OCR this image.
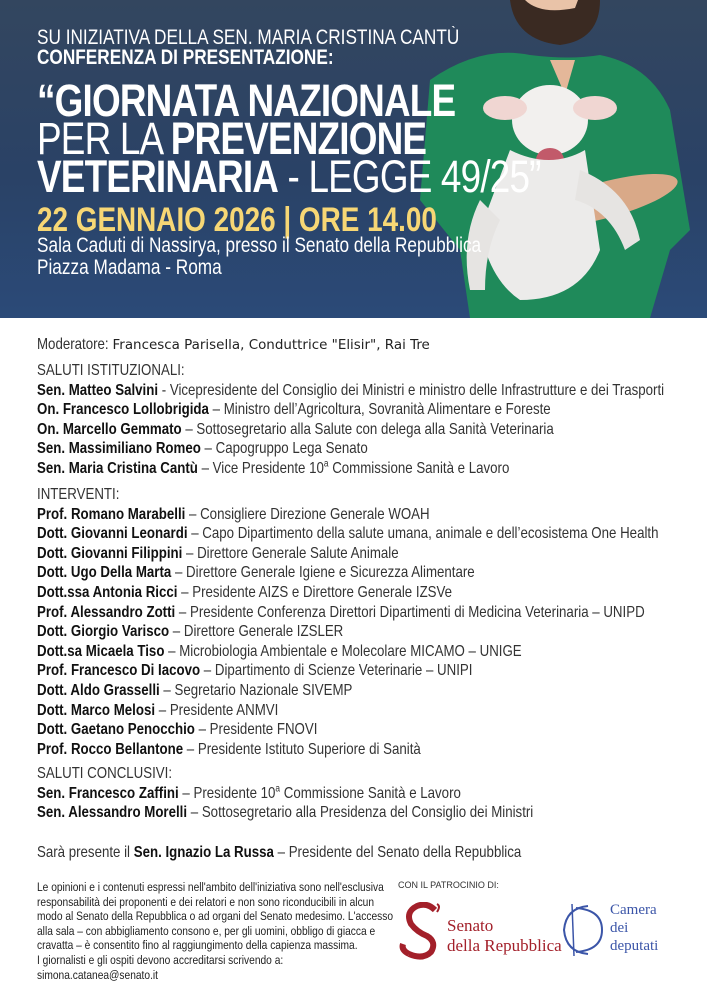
SU INIZIATIVA DELLA SEN. MARIA CRISTINA CANTÙ
CONFERENZA DI PRESENTAZIONE:
“GIORNATA NAZIONALE
PER LA PREVENZIONE
VETERINARIA - LEGGE 49/25”
22 GENNAIO 2026 | ORE 14.00
Sala Caduti di Nassirya, presso il Senato della Repubblica
Piazza Madama - Roma
Moderatore: Francesca Parisella, Conduttrice "Elisir", Rai Tre
SALUTI ISTITUZIONALI:
Sen. Matteo Salvini - Vicepresidente del Consiglio dei Ministri e ministro delle Infrastrutture e dei Trasporti
On. Francesco Lollobrigida – Ministro dell’Agricoltura, Sovranità Alimentare e Foreste
On. Marcello Gemmato – Sottosegretario alla Salute con delega alla Sanità Veterinaria
Sen. Massimiliano Romeo – Capogruppo Lega Senato
Sen. Maria Cristina Cantù – Vice Presidente 10$^a$ Commissione Sanità e Lavoro
INTERVENTI:
Prof. Romano Marabelli – Consigliere Direzione Generale WOAH
Dott. Giovanni Leonardi – Capo Dipartimento della salute umana, animale e dell’ecosistema One Health
Dott. Giovanni Filippini – Direttore Generale Salute Animale
Dott. Ugo Della Marta – Direttore Generale Igiene e Sicurezza Alimentare
Dott.ssa Antonia Ricci – Presidente AIZS e Direttore Generale IZSVe
Prof. Alessandro Zotti – Presidente Conferenza Direttori Dipartimenti di Medicina Veterinaria – UNIPD
Dott. Giorgio Varisco – Direttore Generale IZSLER
Dott.sa Micaela Tiso – Microbiologia Ambientale e Molecolare MICAMO – UNIGE
Prof. Francesco Di Iacovo – Dipartimento di Scienze Veterinarie – UNIPI
Dott. Aldo Grasselli – Segretario Nazionale SIVEMP
Dott. Marco Melosi – Presidente ANMVI
Dott. Gaetano Penocchio – Presidente FNOVI
Prof. Rocco Bellantone – Presidente Istituto Superiore di Sanità
SALUTI CONCLUSIVI:
Sen. Francesco Zaffini – Presidente 10$^a$ Commissione Sanità e Lavoro
Sen. Alessandro Morelli – Sottosegretario alla Presidenza del Consiglio dei Ministri
Sarà presente il Sen. Ignazio La Russa – Presidente del Senato della Repubblica
Le opinioni e i contenuti espressi nell'ambito dell'iniziativa sono nell'esclusiva
responsabilità dei proponenti e dei relatori e non sono riconducibili in alcun
modo al Senato della Repubblica o ad organi del Senato medesimo. L'accesso
alla sala – con abbigliamento consono e, per gli uomini, obbligo di giacca e
cravatta – è consentito fino al raggiungimento della capienza massima.
I giornalisti e gli ospiti devono accreditarsi scrivendo a:
simona.catanea@senato.it
CON IL PATROCINIO DI:
Senato
della Repubblica
Camera
dei
deputati
